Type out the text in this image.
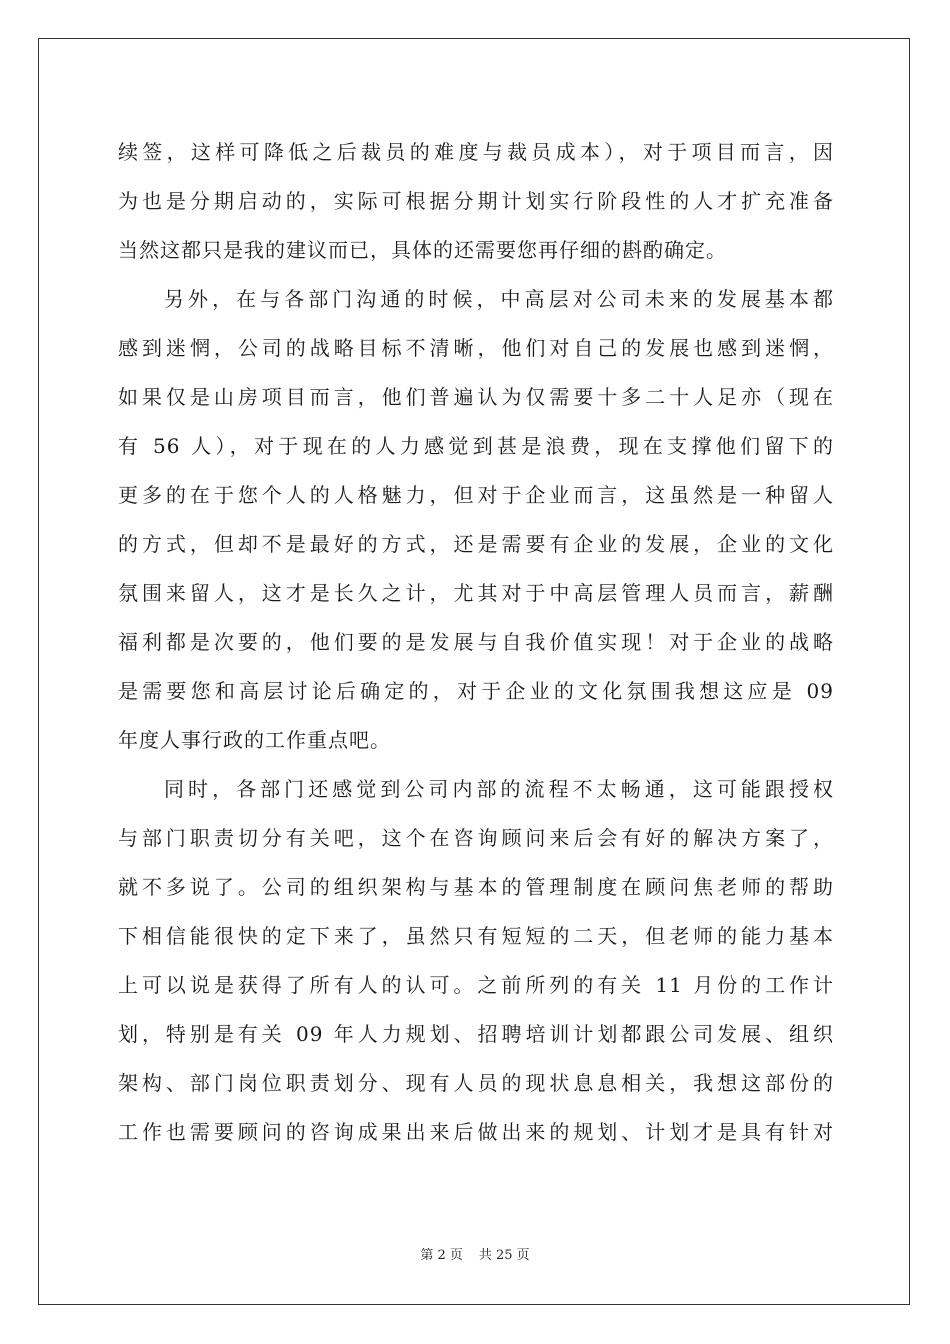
续签，这样可降低之后裁员的难度与裁员成本），对于项目而言，因
为也是分期启动的，实际可根据分期计划实行阶段性的人才扩充准备
当然这都只是我的建议而已，具体的还需要您再仔细的斟酌确定。
另外，在与各部门沟通的时候，中高层对公司未来的发展基本都
感到迷惘，公司的战略目标不清晰，他们对自己的发展也感到迷惘，
如果仅是山房项目而言，他们普遍认为仅需要十多二十人足亦（现在
有 56 人），对于现在的人力感觉到甚是浪费，现在支撑他们留下的
更多的在于您个人的人格魅力，但对于企业而言，这虽然是一种留人
的方式，但却不是最好的方式，还是需要有企业的发展，企业的文化
氛围来留人，这才是长久之计，尤其对于中高层管理人员而言，薪酬
福利都是次要的，他们要的是发展与自我价值实现！对于企业的战略
是需要您和高层讨论后确定的，对于企业的文化氛围我想这应是 09
年度人事行政的工作重点吧。
同时，各部门还感觉到公司内部的流程不太畅通，这可能跟授权
与部门职责切分有关吧，这个在咨询顾问来后会有好的解决方案了，
就不多说了。公司的组织架构与基本的管理制度在顾问焦老师的帮助
下相信能很快的定下来了，虽然只有短短的二天，但老师的能力基本
上可以说是获得了所有人的认可。之前所列的有关 11 月份的工作计
划，特别是有关 09 年人力规划、招聘培训计划都跟公司发展、组织
架构、部门岗位职责划分、现有人员的现状息息相关，我想这部份的
工作也需要顾问的咨询成果出来后做出来的规划、计划才是具有针对
第 2 页 共 25 页
